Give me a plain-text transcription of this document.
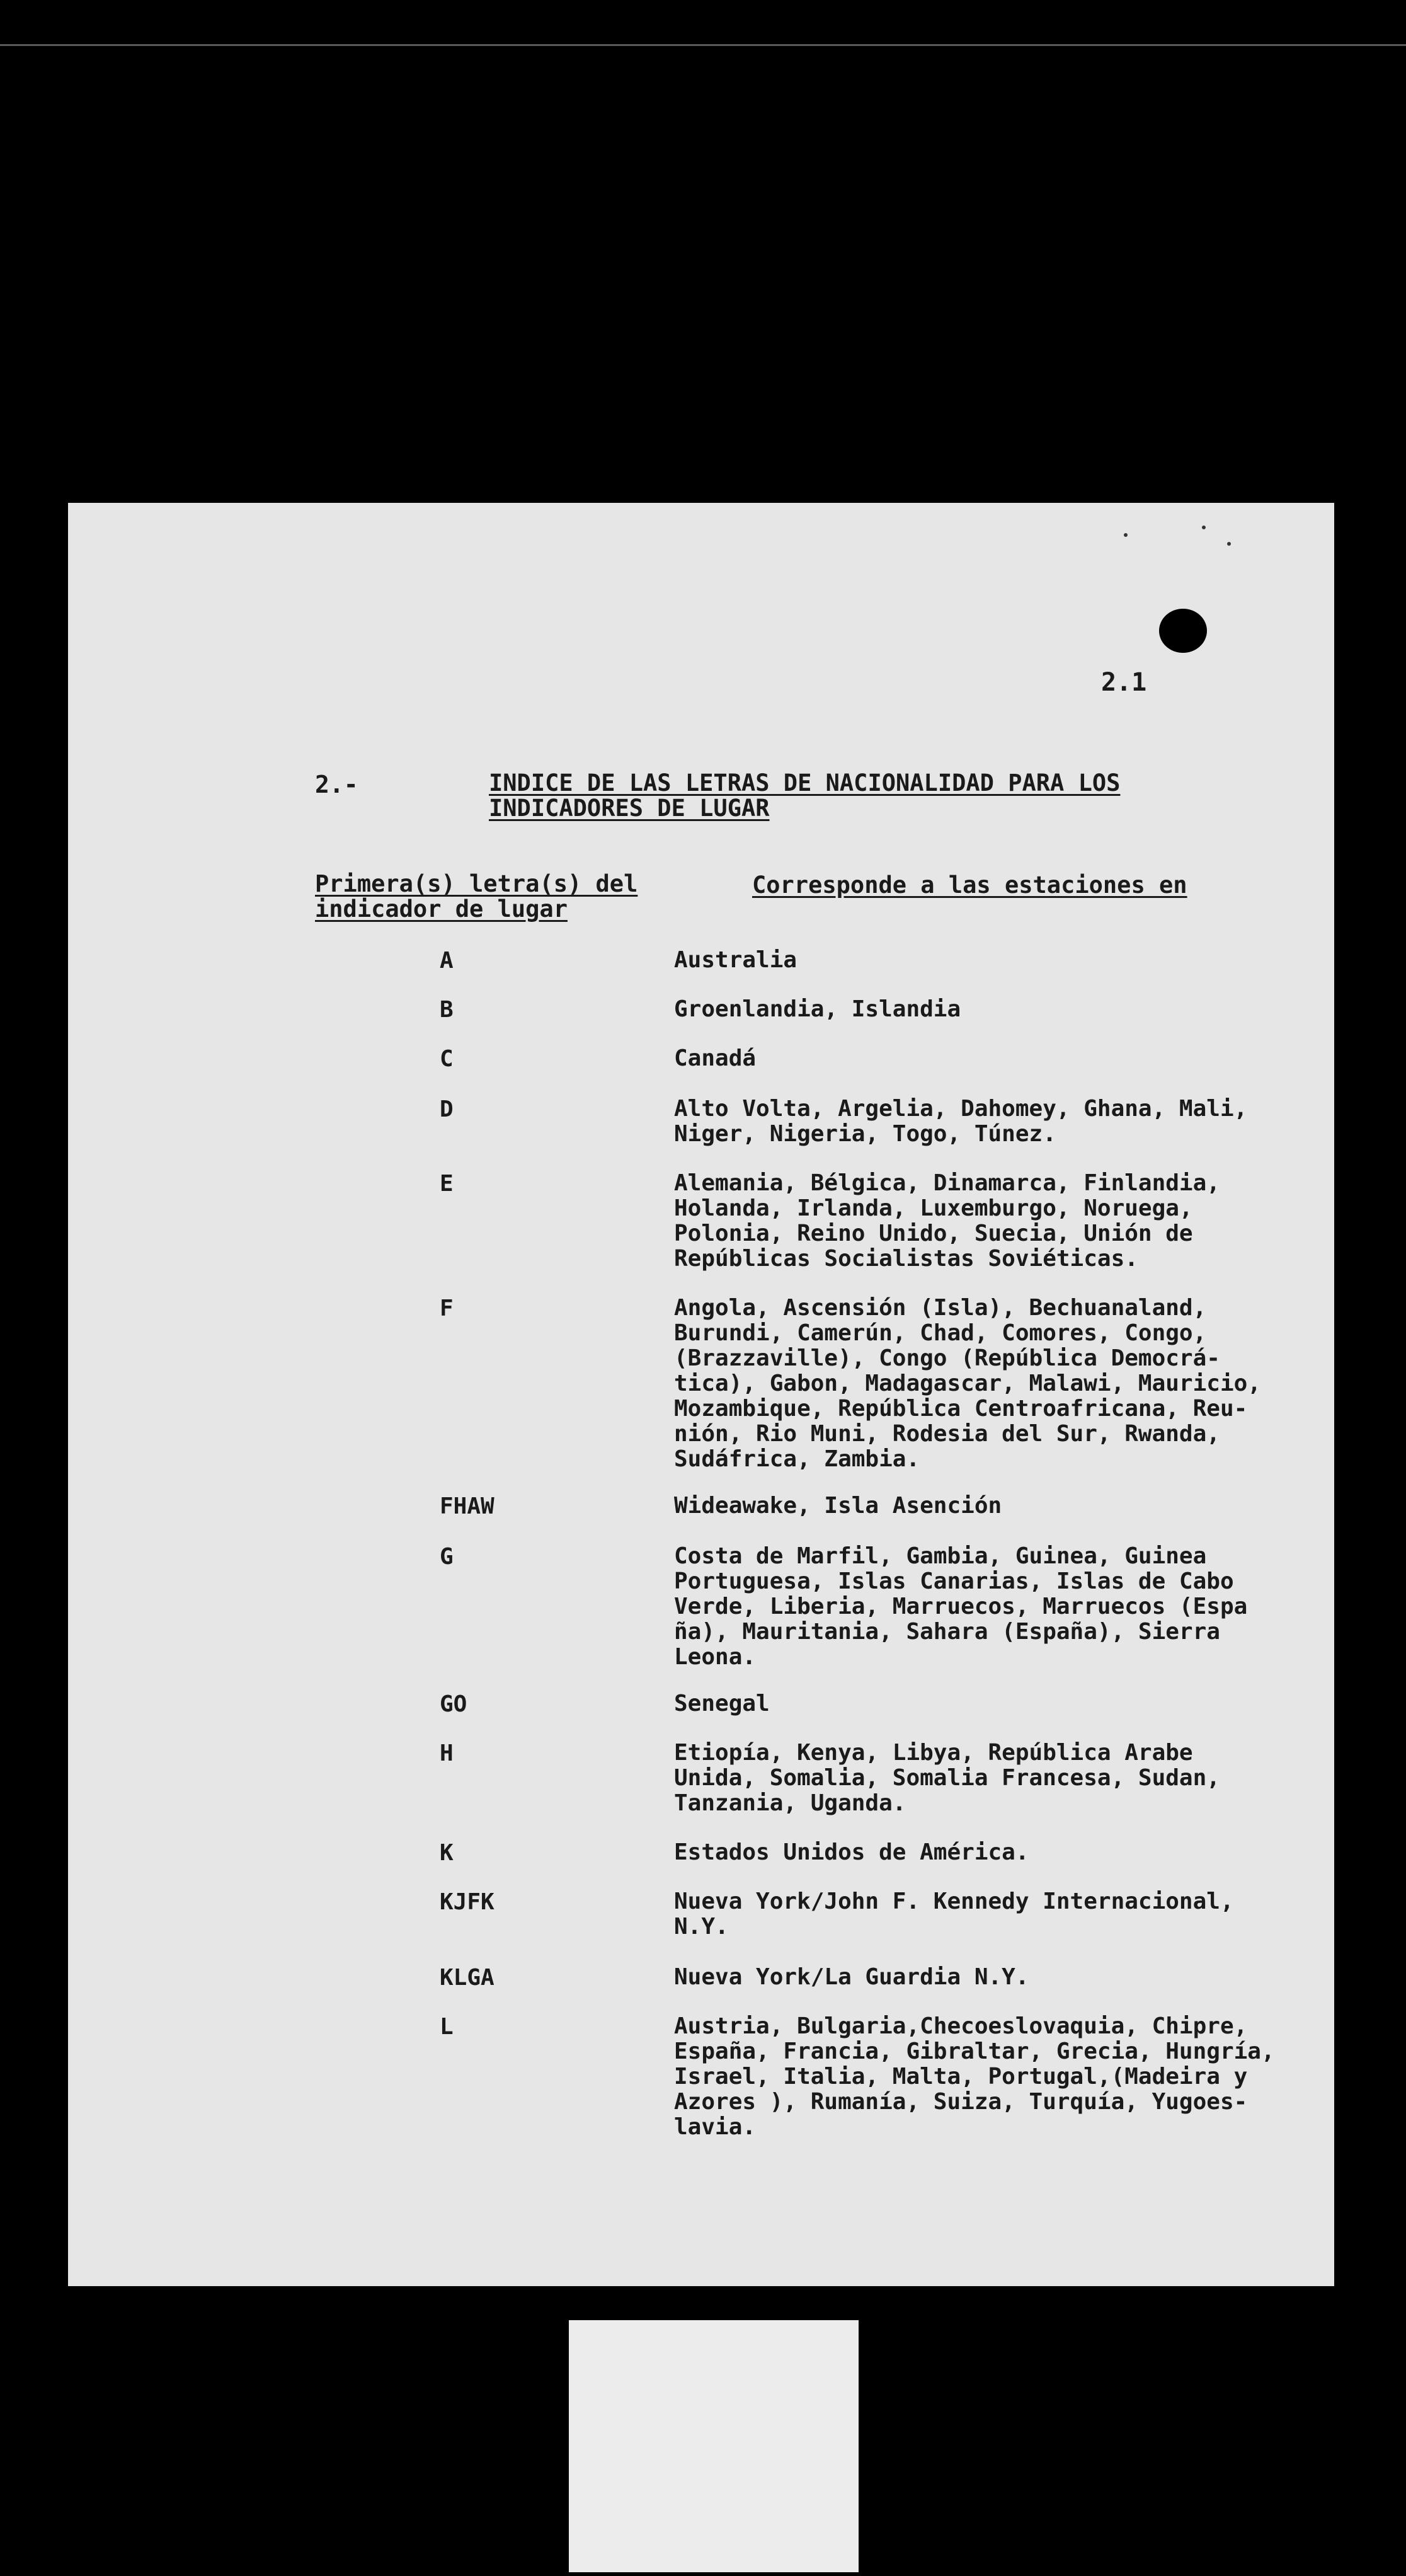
2.1
2.-	INDICE DE LAS LETRAS DE NACIONALIDAD PARA LOS
INDICADORES DE LUGAR
Primera(s) letra(s) del
indicador de lugar
Corresponde a las estaciones en
A	Australia
B	Groenlandia, Islandia
C	Canadá
D	Alto Volta, Argelia, Dahomey, Ghana, Mali,
Niger, Nigeria, Togo, Túnez.
E	Alemania, Bélgica, Dinamarca, Finlandia,
Holanda, Irlanda, Luxemburgo, Noruega,
Polonia, Reino Unido, Suecia, Unión de
Repúblicas Socialistas Soviéticas.
F	Angola, Ascensión (Isla), Bechuanaland,
Burundi, Camerún, Chad, Comores, Congo,
(Brazzaville), Congo (República Democrá-
tica), Gabon, Madagascar, Malawi, Mauricio,
Mozambique, República Centroafricana, Reu-
nión, Rio Muni, Rodesia del Sur, Rwanda,
Sudáfrica, Zambia.
FHAW	Wideawake, Isla Asención
G	Costa de Marfil, Gambia, Guinea, Guinea
Portuguesa, Islas Canarias, Islas de Cabo
Verde, Liberia, Marruecos, Marruecos (Espa
ña), Mauritania, Sahara (España), Sierra
Leona.
GO	Senegal
H	Etiopía, Kenya, Libya, República Arabe
Unida, Somalia, Somalia Francesa, Sudan,
Tanzania, Uganda.
K	Estados Unidos de América.
KJFK	Nueva York/John F. Kennedy Internacional,
N.Y.
KLGA	Nueva York/La Guardia N.Y.
L	Austria, Bulgaria,Checoeslovaquia, Chipre,
España, Francia, Gibraltar, Grecia, Hungría,
Israel, Italia, Malta, Portugal,(Madeira y
Azores ), Rumanía, Suiza, Turquía, Yugoes-
lavia.
